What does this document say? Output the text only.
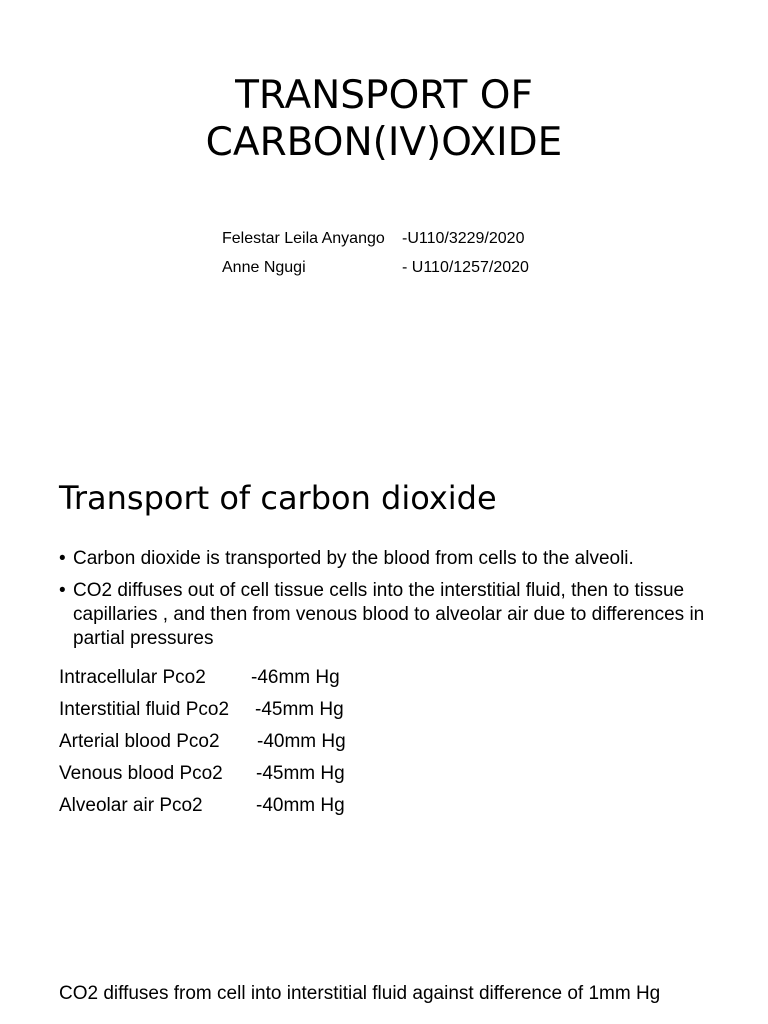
TRANSPORT OF
CARBON(IV)OXIDE
Felestar Leila Anyango	-U110/3229/2020
Anne Ngugi	- U110/1257/2020
Transport of carbon dioxide
• Carbon dioxide is transported by the blood from cells to the alveoli.
• CO2 diffuses out of cell tissue cells into the interstitial fluid, then to tissue capillaries , and then from venous blood to alveolar air due to differences in partial pressures
Intracellular Pco2	-46mm Hg
Interstitial fluid Pco2	-45mm Hg
Arterial blood Pco2	-40mm Hg
Venous blood Pco2	-45mm Hg
Alveolar air Pco2	-40mm Hg

CO2 diffuses from cell into interstitial fluid against difference of 1mm Hg
